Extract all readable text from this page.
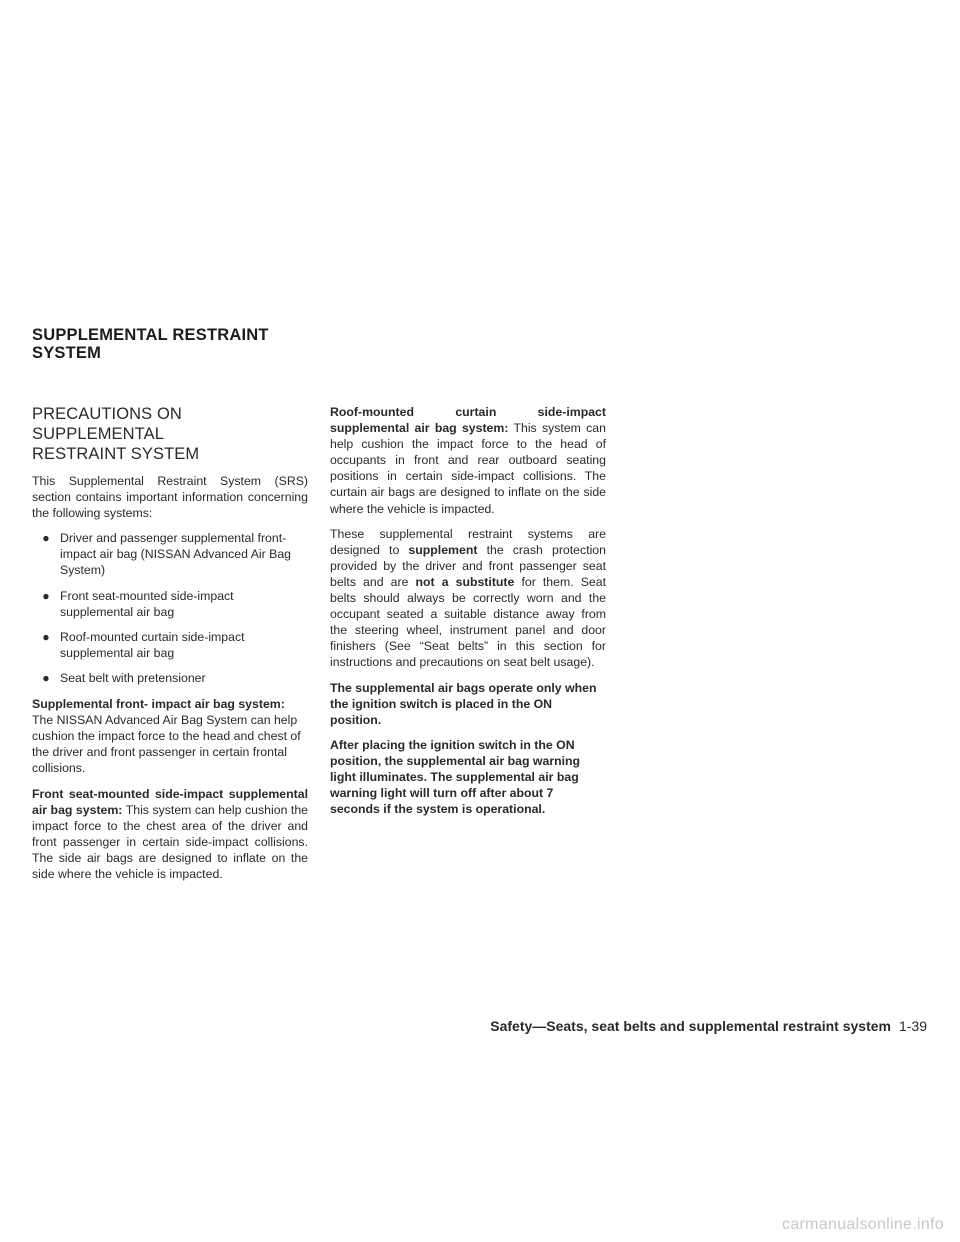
SUPPLEMENTAL RESTRAINT
SYSTEM
PRECAUTIONS ON SUPPLEMENTAL
RESTRAINT SYSTEM

This Supplemental Restraint System (SRS) section contains important information concerning the following systems:

● Driver and passenger supplemental front-impact air bag (NISSAN Advanced Air Bag System)
● Front seat-mounted side-impact supplemental air bag
● Roof-mounted curtain side-impact supplemental air bag
● Seat belt with pretensioner

Supplemental front- impact air bag system: The NISSAN Advanced Air Bag System can help cushion the impact force to the head and chest of the driver and front passenger in certain frontal collisions.

Front seat-mounted side-impact supplemental air bag system: This system can help cushion the impact force to the chest area of the driver and front passenger in certain side-impact collisions. The side air bags are designed to inflate on the side where the vehicle is impacted.

Roof-mounted curtain side-impact supplemental air bag system: This system can help cushion the impact force to the head of occupants in front and rear outboard seating positions in certain side-impact collisions. The curtain air bags are designed to inflate on the side where the vehicle is impacted.

These supplemental restraint systems are designed to supplement the crash protection provided by the driver and front passenger seat belts and are not a substitute for them. Seat belts should always be correctly worn and the occupant seated a suitable distance away from the steering wheel, instrument panel and door finishers (See “Seat belts” in this section for instructions and precautions on seat belt usage).

The supplemental air bags operate only when the ignition switch is placed in the ON position.

After placing the ignition switch in the ON position, the supplemental air bag warning light illuminates. The supplemental air bag warning light will turn off after about 7 seconds if the system is operational.

Safety—Seats, seat belts and supplemental restraint system 1-39
carmanualsonline.info
